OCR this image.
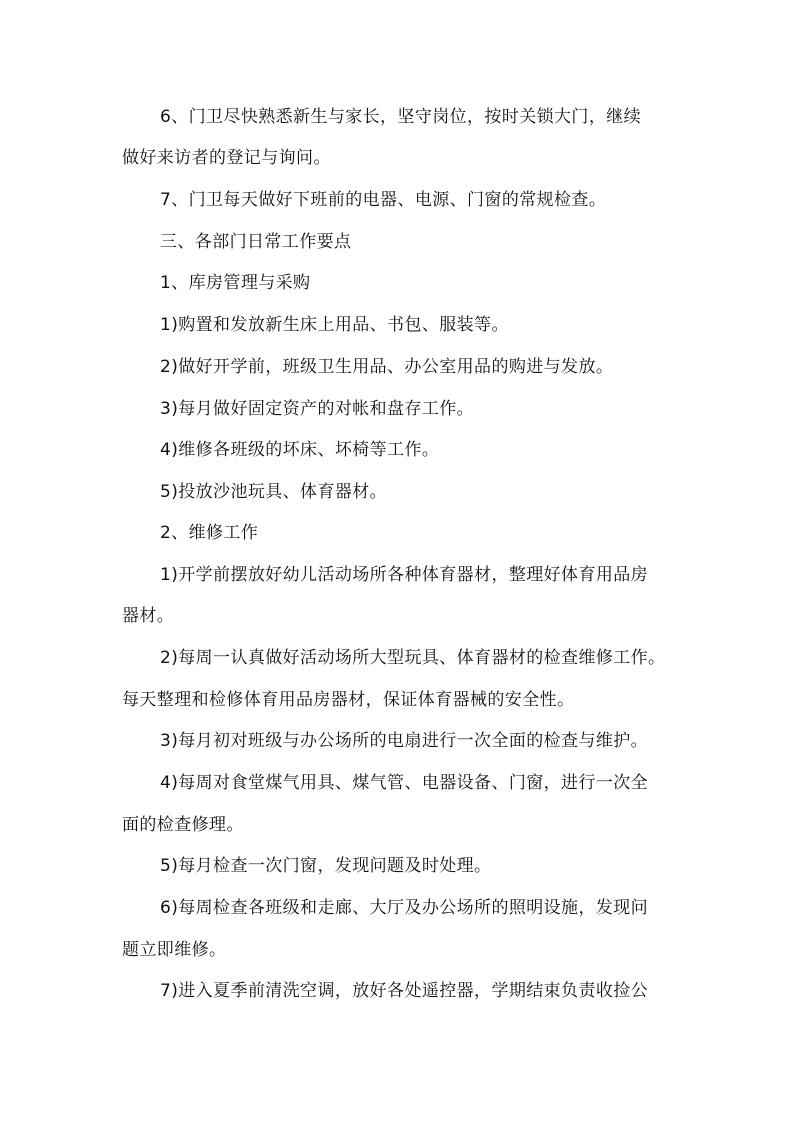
6、门卫尽快熟悉新生与家长，坚守岗位，按时关锁大门，继续
做好来访者的登记与询问。
7、门卫每天做好下班前的电器、电源、门窗的常规检查。
三、各部门日常工作要点
1、库房管理与采购
1)购置和发放新生床上用品、书包、服装等。
2)做好开学前，班级卫生用品、办公室用品的购进与发放。
3)每月做好固定资产的对帐和盘存工作。
4)维修各班级的坏床、坏椅等工作。
5)投放沙池玩具、体育器材。
2、维修工作
1)开学前摆放好幼儿活动场所各种体育器材，整理好体育用品房
器材。
2)每周一认真做好活动场所大型玩具、体育器材的检查维修工作。
每天整理和检修体育用品房器材，保证体育器械的安全性。
3)每月初对班级与办公场所的电扇进行一次全面的检查与维护。
4)每周对食堂煤气用具、煤气管、电器设备、门窗，进行一次全
面的检查修理。
5)每月检查一次门窗，发现问题及时处理。
6)每周检查各班级和走廊、大厅及办公场所的照明设施，发现问
题立即维修。
7)进入夏季前清洗空调，放好各处遥控器，学期结束负责收捡公
